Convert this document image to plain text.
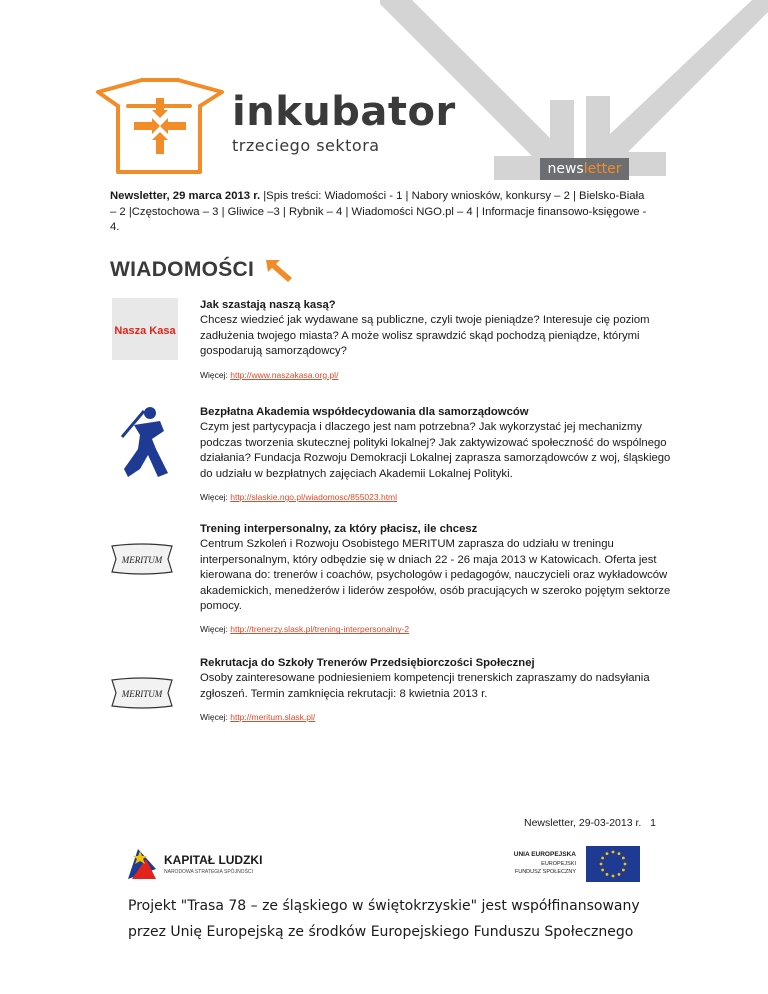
inkubator
trzeciego sektora
newsletter
Newsletter, 29 marca 2013 r. |Spis treści: Wiadomości - 1 | Nabory wniosków, konkursy – 2 | Bielsko-Biała – 2 |Częstochowa – 3 | Gliwice –3 | Rybnik – 4 | Wiadomości NGO.pl – 4 | Informacje finansowo-księgowe - 4.
WIADOMOŚCI
Nasza Kasa

Jak szastają naszą kasą?

Chcesz wiedzieć jak wydawane są publiczne, czyli twoje pieniądze? Interesuje cię poziom zadłużenia twojego miasta? A może wolisz sprawdzić skąd pochodzą pieniądze, którymi gospodarują samorządowcy?

Więcej: http://www.naszakasa.org.pl/

Bezpłatna Akademia współdecydowania dla samorządowców

Czym jest partycypacja i dlaczego jest nam potrzebna? Jak wykorzystać jej mechanizmy podczas tworzenia skutecznej polityki lokalnej? Jak zaktywizować społeczność do wspólnego działania? Fundacja Rozwoju Demokracji Lokalnej zaprasza samorządowców z woj, śląskiego do udziału w bezpłatnych zajęciach Akademii Lokalnej Polityki.

Więcej: http://slaskie.ngo.pl/wiadomosc/855023.html
MERITUM

Trening interpersonalny, za który płacisz, ile chcesz

Centrum Szkoleń i Rozwoju Osobistego MERITUM zaprasza do udziału w treningu interpersonalnym, który odbędzie się w dniach 22 - 26 maja 2013 w Katowicach. Oferta jest kierowana do: trenerów i coachów, psychologów i pedagogów, nauczycieli oraz wykładowców akademickich, menedżerów i liderów zespołów, osób pracujących w szeroko pojętym sektorze pomocy.

Więcej: http://trenerzy.slask.pl/trening-interpersonalny-2
MERITUM

Rekrutacja do Szkoły Trenerów Przedsiębiorczości Społecznej

Osoby zainteresowane podniesieniem kompetencji trenerskich zapraszamy do nadsyłania zgłoszeń. Termin zamknięcia rekrutacji: 8 kwietnia 2013 r.

Więcej: http://meritum.slask.pl/
Newsletter, 29-03-2013 r.   1
KAPITAŁ LUDZKI
NARODOWA STRATEGIA SPÓJNOŚCI
UNIA EUROPEJSKA
EUROPEJSKI
FUNDUSZ SPOŁECZNY
Projekt "Trasa 78 – ze śląskiego w świętokrzyskie" jest współfinansowany
przez Unię Europejską ze środków Europejskiego Funduszu Społecznego
